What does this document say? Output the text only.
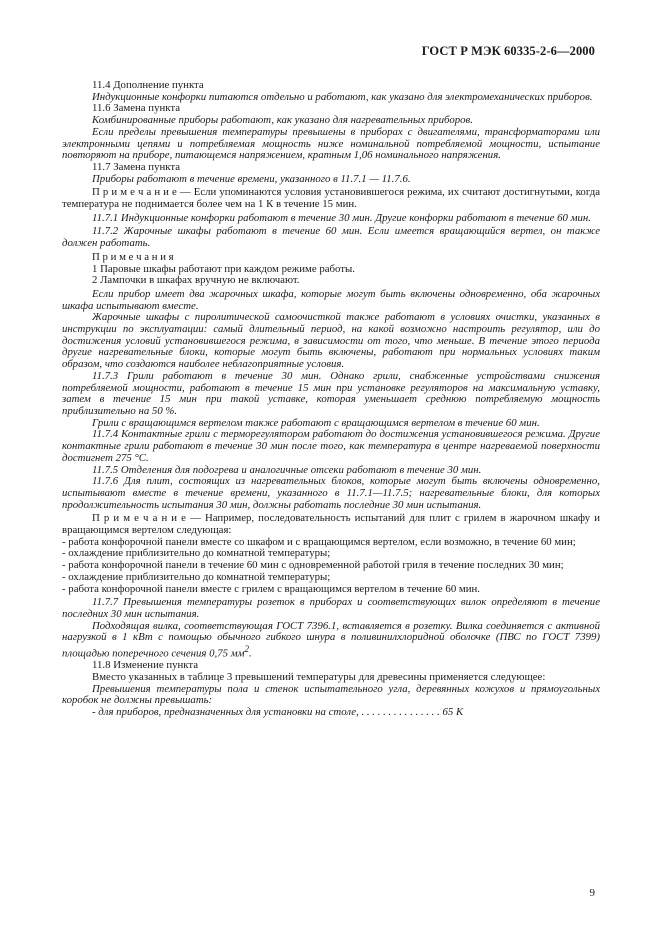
ГОСТ Р МЭК 60335-2-6—2000

11.4 Дополнение пункта

Индукционные конфорки питаются отдельно и работают, как указано для электромеханических приборов.

11.6 Замена пункта

Комбинированные приборы работают, как указано для нагревательных приборов.

Если пределы превышения температуры превышены в приборах с двигателями, трансформаторами или электронными цепями и потребляемая мощность ниже номинальной потребляемой мощности, испытание повторяют на приборе, питающемся напряжением, кратным 1,06 номинального напряжения.

11.7 Замена пункта

Приборы работают в течение времени, указанного в 11.7.1 — 11.7.6.

П р и м е ч а н и е — Если упоминаются условия установившегося режима, их считают достигнутыми, когда температура не поднимается более чем на 1 К в течение 15 мин.

11.7.1 Индукционные конфорки работают в течение 30 мин. Другие конфорки работают в течение 60 мин.

11.7.2 Жарочные шкафы работают в течение 60 мин. Если имеется вращающийся вертел, он также должен работать.

П р и м е ч а н и я

1 Паровые шкафы работают при каждом режиме работы.

2 Лампочки в шкафах вручную не включают.

Если прибор имеет два жарочных шкафа, которые могут быть включены одновременно, оба жарочных шкафа испытывают вместе.

Жарочные шкафы с пиролитической самоочисткой также работают в условиях очистки, указанных в инструкции по эксплуатации: самый длительный период, на какой возможно настроить регулятор, или до достижения условий установившегося режима, в зависимости от того, что меньше. В течение этого периода другие нагревательные блоки, которые могут быть включены, работают при нормальных условиях таким образом, что создаются наиболее неблагоприятные условия.

11.7.3 Грили работают в течение 30 мин. Однако грили, снабженные устройствами снижения потребляемой мощности, работают в течение 15 мин при установке регуляторов на максимальную уставку, затем в течение 15 мин при такой уставке, которая уменьшает среднюю потребляемую мощность приблизительно на 50 %.

Грили с вращающимся вертелом также работают с вращающимся вертелом в течение 60 мин.

11.7.4 Контактные грили с терморегулятором работают до достижения установившегося режима. Другие контактные грили работают в течение 30 мин после того, как температура в центре нагреваемой поверхности достигнет 275 °С.

11.7.5 Отделения для подогрева и аналогичные отсеки работают в течение 30 мин.

11.7.6 Для плит, состоящих из нагревательных блоков, которые могут быть включены одновременно, испытывают вместе в течение времени, указанного в 11.7.1—11.7.5; нагревательные блоки, для которых продолжительность испытания 30 мин, должны работать последние 30 мин испытания.

П р и м е ч а н и е — Например, последовательность испытаний для плит с грилем в жарочном шкафу и вращающимся вертелом следующая:

- работа конфорочной панели вместе со шкафом и с вращающимся вертелом, если возможно, в течение 60 мин;

- охлаждение приблизительно до комнатной температуры;

- работа конфорочной панели в течение 60 мин с одновременной работой гриля в течение последних 30 мин;

- охлаждение приблизительно до комнатной температуры;

- работа конфорочной панели вместе с грилем с вращающимся вертелом в течение 60 мин.

11.7.7 Превышения температуры розеток в приборах и соответствующих вилок определяют в течение последних 30 мин испытания.

Подходящая вилка, соответствующая ГОСТ 7396.1, вставляется в розетку. Вилка соединяется с активной нагрузкой в 1 кВт с помощью обычного гибкого шнура в поливинилхлоридной оболочке (ПВС по ГОСТ 7399) площадью поперечного сечения 0,75 $мм^2$.

11.8 Изменение пункта

Вместо указанных в таблице 3 превышений температуры для древесины применяется следующее:

Превышения температуры пола и стенок испытательного угла, деревянных кожухов и прямоугольных коробок не должны превышать:

- для приборов, предназначенных для установки на столе, . . . . . . . . . . . . . . . 65 К

9
